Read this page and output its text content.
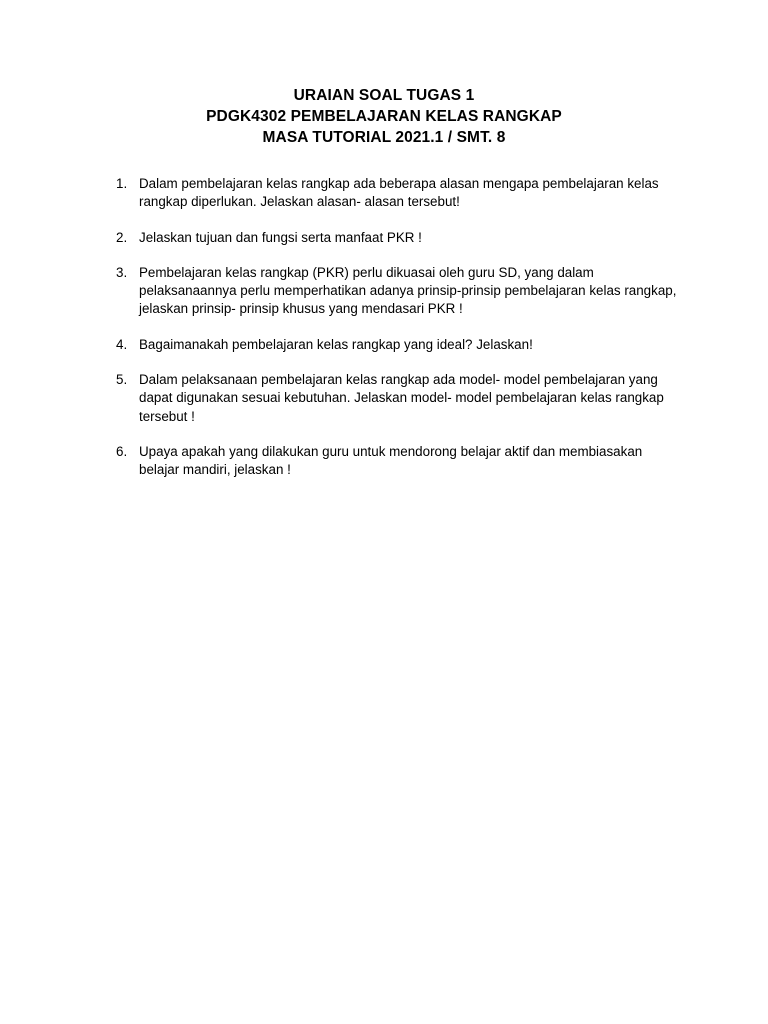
URAIAN SOAL TUGAS 1
PDGK4302 PEMBELAJARAN KELAS RANGKAP
MASA TUTORIAL 2021.1 / SMT. 8
1. Dalam pembelajaran kelas rangkap ada beberapa alasan mengapa pembelajaran kelas rangkap diperlukan. Jelaskan alasan- alasan tersebut!
2. Jelaskan tujuan dan fungsi serta manfaat PKR !
3. Pembelajaran kelas rangkap (PKR) perlu dikuasai oleh guru SD, yang dalam pelaksanaannya perlu memperhatikan adanya prinsip-prinsip pembelajaran kelas rangkap, jelaskan prinsip- prinsip khusus yang mendasari PKR !
4. Bagaimanakah pembelajaran kelas rangkap yang ideal? Jelaskan!
5. Dalam pelaksanaan pembelajaran kelas rangkap ada model- model pembelajaran yang dapat digunakan sesuai kebutuhan. Jelaskan model- model pembelajaran kelas rangkap tersebut !
6. Upaya apakah yang dilakukan guru untuk mendorong belajar aktif dan membiasakan belajar mandiri, jelaskan !
